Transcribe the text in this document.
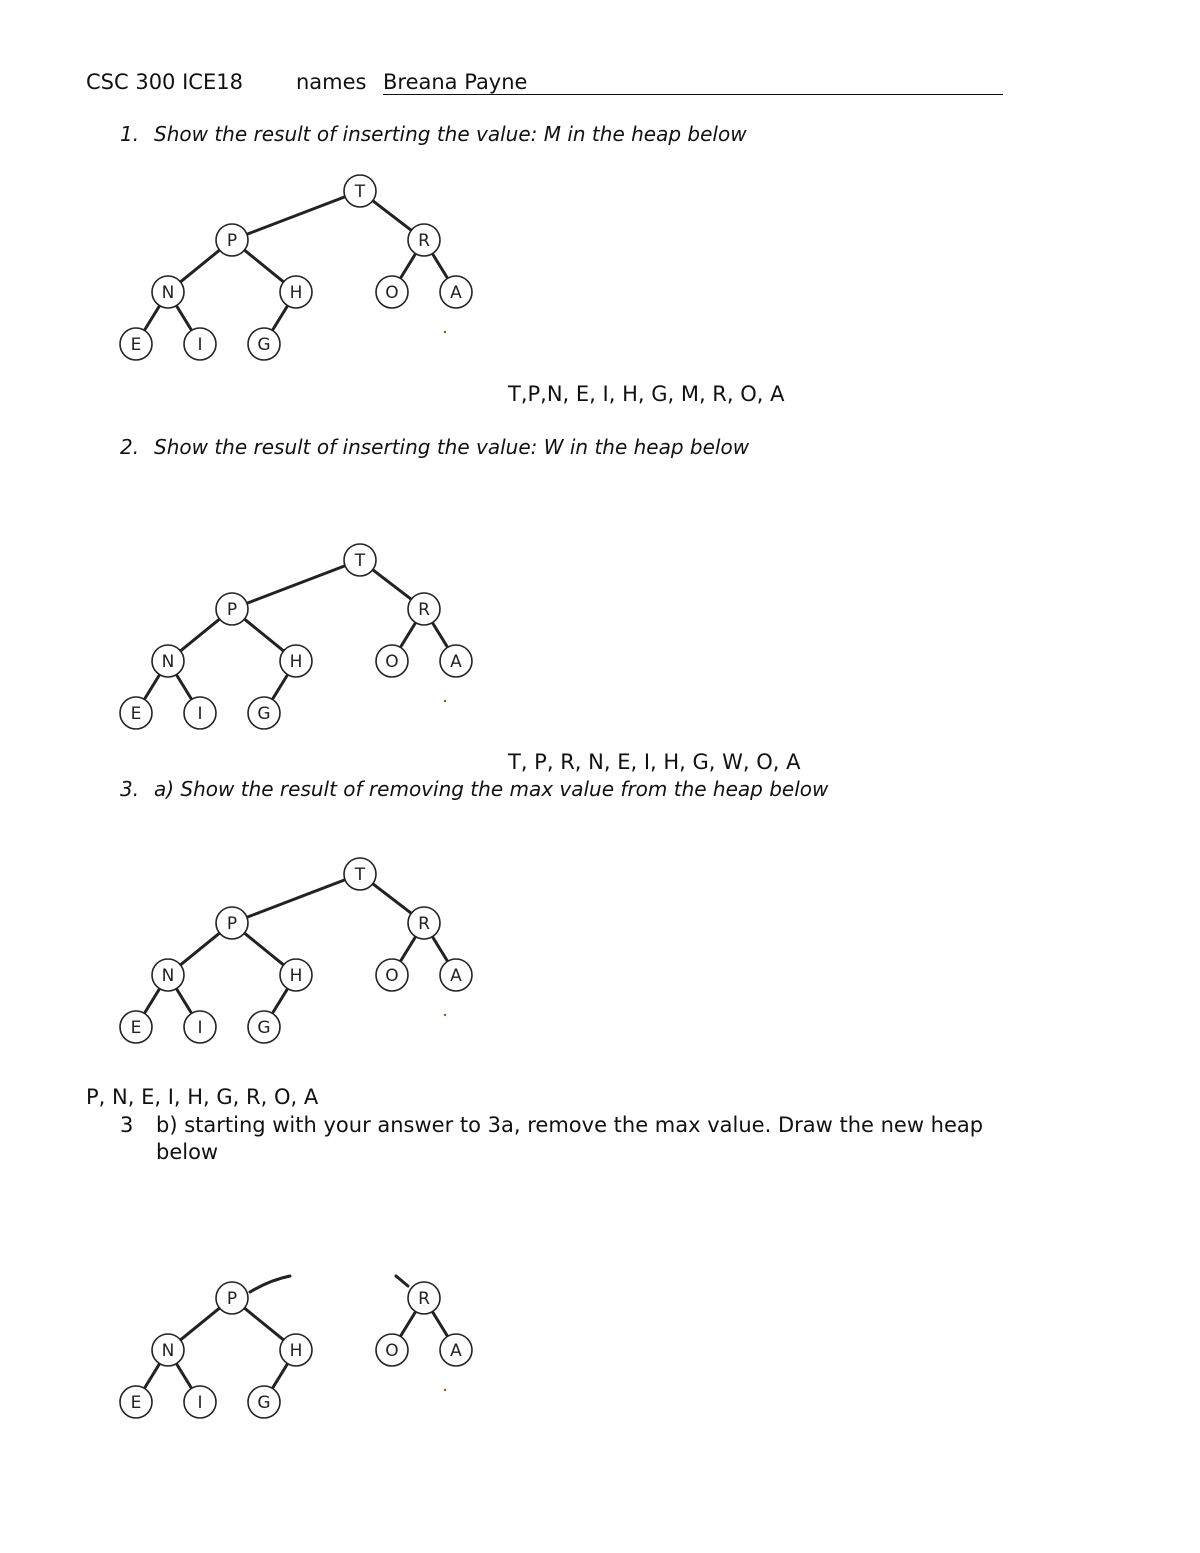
CSC 300 ICE18	names Breana Payne
1. Show the result of inserting the value: M in the heap below
T
P	R
N	H	O	A
E	I	G
T,P,N, E, I, H, G, M, R, O, A
2. Show the result of inserting the value: W in the heap below
T
P	R
N	H	O	A
E	I	G
T, P, R, N, E, I, H, G, W, O, A
3. a) Show the result of removing the max value from the heap below
T
P	R
N	H	O	A
E	I	G
P, N, E, I, H, G, R, O, A
3 b) starting with your answer to 3a, remove the max value. Draw the new heap
below
P	R
N	H	O	A
E	I	G
